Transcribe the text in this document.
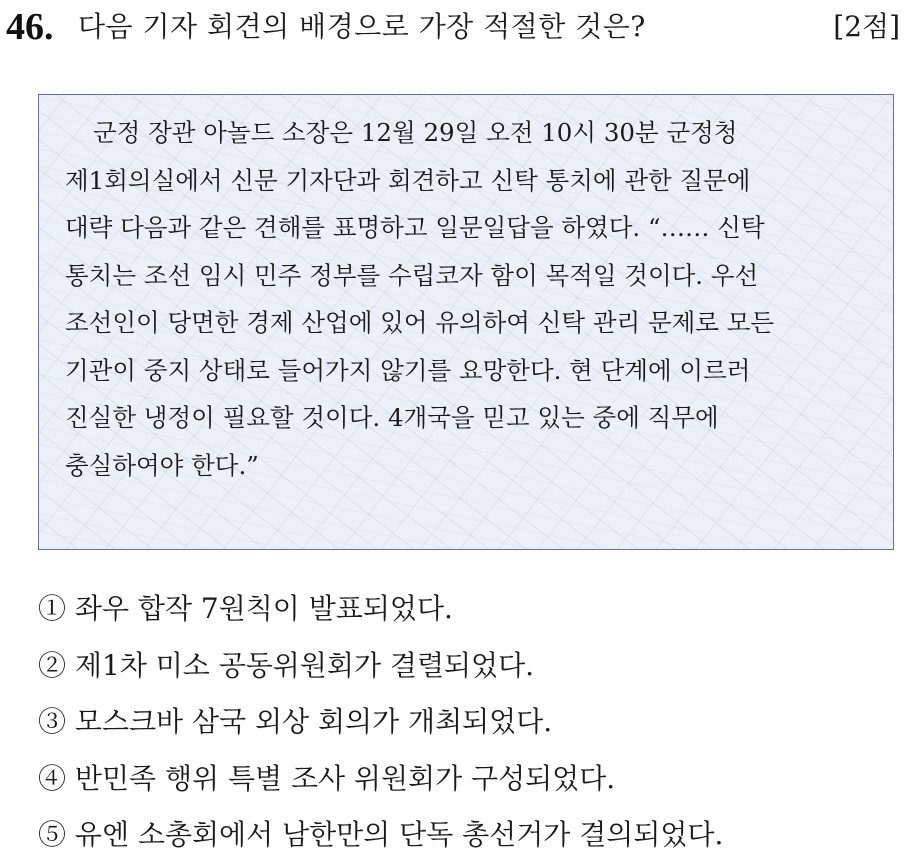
46. 다음 기자 회견의 배경으로 가장 적절한 것은?	[2점]

군정 장관 아놀드 소장은 12월 29일 오전 10시 30분 군정청
제1회의실에서 신문 기자단과 회견하고 신탁 통치에 관한 질문에
대략 다음과 같은 견해를 표명하고 일문일답을 하였다. “…… 신탁
통치는 조선 임시 민주 정부를 수립코자 함이 목적일 것이다. 우선
조선인이 당면한 경제 산업에 있어 유의하여 신탁 관리 문제로 모든
기관이 중지 상태로 들어가지 않기를 요망한다. 현 단계에 이르러
진실한 냉정이 필요할 것이다. 4개국을 믿고 있는 중에 직무에
충실하여야 한다.”

① 좌우 합작 7원칙이 발표되었다.
② 제1차 미소 공동위원회가 결렬되었다.
③ 모스크바 삼국 외상 회의가 개최되었다.
④ 반민족 행위 특별 조사 위원회가 구성되었다.
⑤ 유엔 소총회에서 남한만의 단독 총선거가 결의되었다.
